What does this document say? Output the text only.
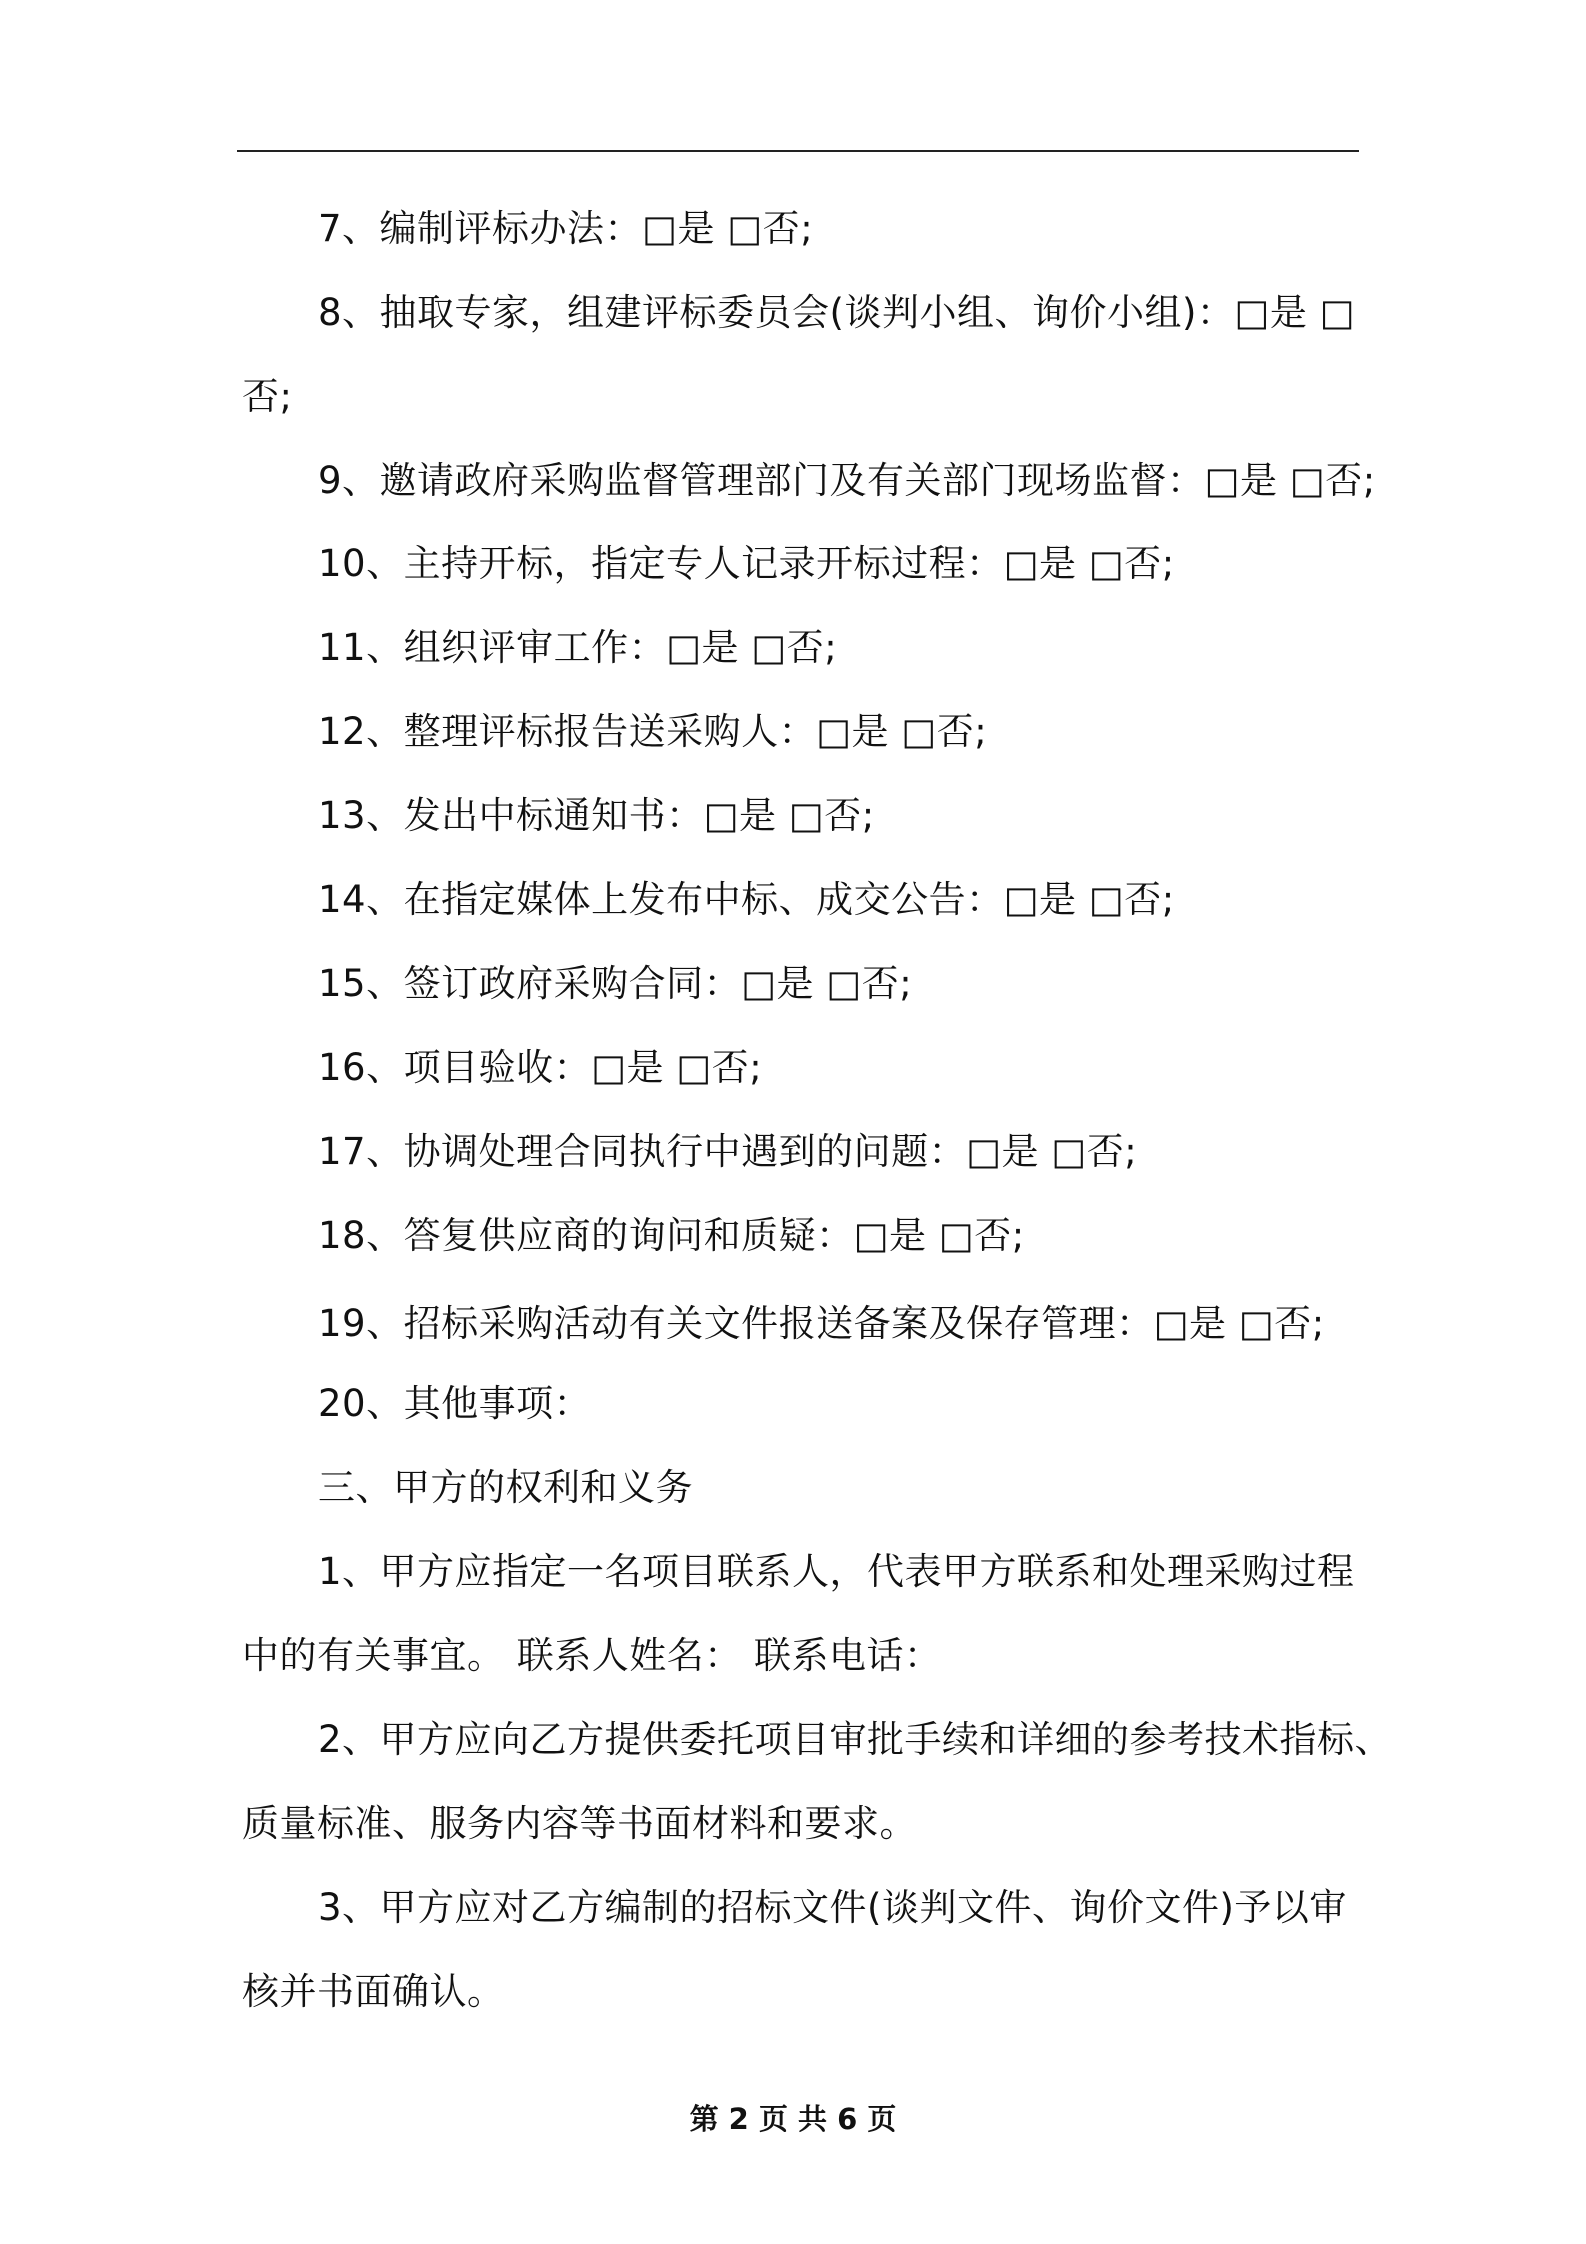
7、编制评标办法：□是 □否;
8、抽取专家，组建评标委员会(谈判小组、询价小组)：□是 □
否;
9、邀请政府采购监督管理部门及有关部门现场监督：□是 □否;
10、主持开标，指定专人记录开标过程：□是 □否;
11、组织评审工作：□是 □否;
12、整理评标报告送采购人：□是 □否;
13、发出中标通知书：□是 □否;
14、在指定媒体上发布中标、成交公告：□是 □否;
15、签订政府采购合同：□是 □否;
16、项目验收：□是 □否;
17、协调处理合同执行中遇到的问题：□是 □否;
18、答复供应商的询问和质疑：□是 □否;
19、招标采购活动有关文件报送备案及保存管理：□是 □否;
20、其他事项：
三、甲方的权利和义务
1、甲方应指定一名项目联系人，代表甲方联系和处理采购过程
中的有关事宜。 联系人姓名： 联系电话：
2、甲方应向乙方提供委托项目审批手续和详细的参考技术指标、
质量标准、服务内容等书面材料和要求。
3、甲方应对乙方编制的招标文件(谈判文件、询价文件)予以审
核并书面确认。
第 2 页 共 6 页
